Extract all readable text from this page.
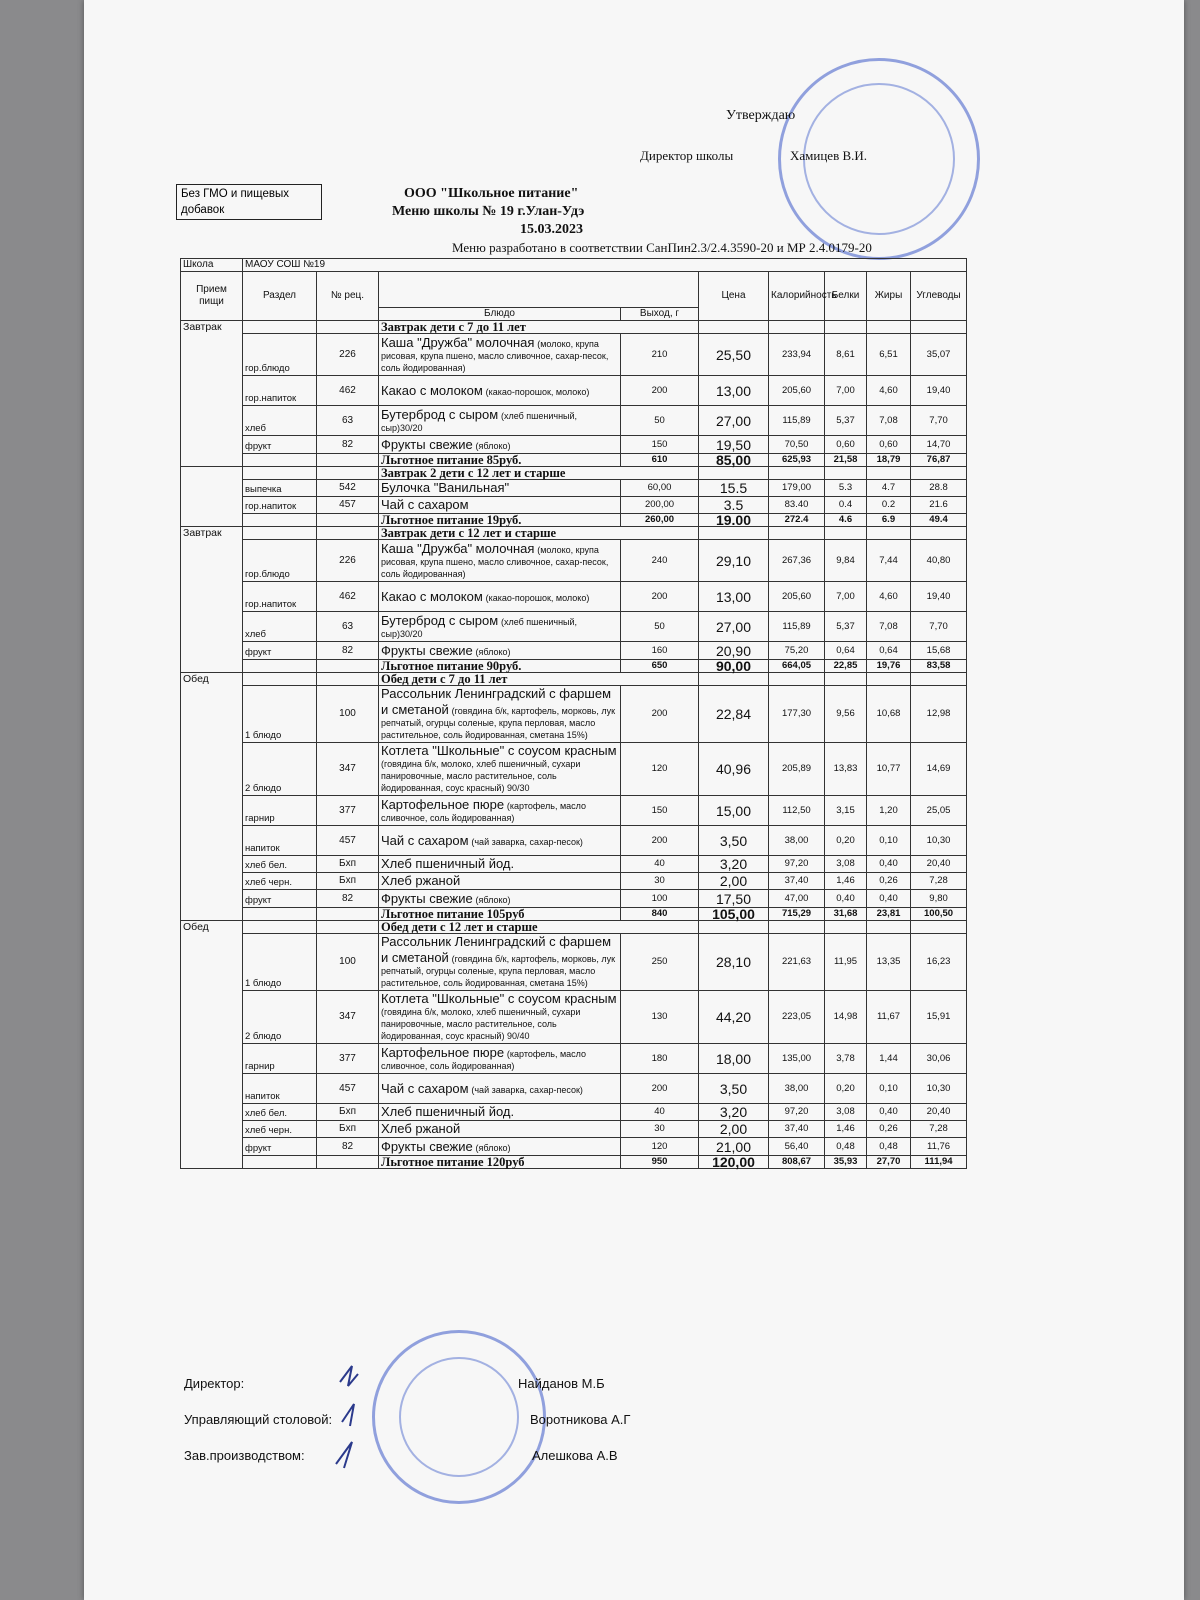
Утверждаю
Директор школы	Хамицев В.И.
Без ГМО и пищевых добавок
ООО "Школьное питание"
Меню школы № 19 г.Улан-Удэ
15.03.2023
Меню разработано в соответствии СанПин2.3/2.4.3590-20 и МР 2.4.0179-20
Школа	МАОУ СОШ №19								
Прием пищи	Раздел	№ рец.			Цена	Калорийность	Белки	Жиры	Углеводы
			Блюдо	Выход, г					
Завтрак			Завтрак дети с 7 до 11 лет						
	гор.блюдо	226	Каша "Дружба" молочная (молоко, крупа рисовая, крупа пшено, масло сливочное, сахар-песок, соль йодированная)	210	25,50	233,94	8,61	6,51	35,07
	гор.напиток	462	Какао с молоком (какао-порошок, молоко)	200	13,00	205,60	7,00	4,60	19,40
	хлеб	63	Бутерброд с сыром (хлеб пшеничный, сыр)30/20	50	27,00	115,89	5,37	7,08	7,70
	фрукт	82	Фрукты свежие (яблоко)	150	19,50	70,50	0,60	0,60	14,70
			Льготное питание 85руб.	610	85,00	625,93	21,58	18,79	76,87
			Завтрак 2 дети с 12 лет и старше						
	выпечка	542	Булочка "Ванильная"	60,00	15.5	179,00	5.3	4.7	28.8
	гор.напиток	457	Чай с сахаром	200,00	3.5	83.40	0.4	0.2	21.6
			Льготное питание 19руб.	260,00	19.00	272.4	4.6	6.9	49.4
Завтрак			Завтрак дети с 12 лет и старше						
	гор.блюдо	226	Каша "Дружба" молочная (молоко, крупа рисовая, крупа пшено, масло сливочное, сахар-песок, соль йодированная)	240	29,10	267,36	9,84	7,44	40,80
	гор.напиток	462	Какао с молоком (какао-порошок, молоко)	200	13,00	205,60	7,00	4,60	19,40
	хлеб	63	Бутерброд с сыром (хлеб пшеничный, сыр)30/20	50	27,00	115,89	5,37	7,08	7,70
	фрукт	82	Фрукты свежие (яблоко)	160	20,90	75,20	0,64	0,64	15,68
			Льготное питание 90руб.	650	90,00	664,05	22,85	19,76	83,58
Обед			Обед дети с 7 до 11 лет						
	1 блюдо	100	Рассольник Ленинградский с фаршем и сметаной (говядина б/к, картофель, морковь, лук репчатый, огурцы соленые, крупа перловая, масло растительное, соль йодированная, сметана 15%)	200	22,84	177,30	9,56	10,68	12,98
	2 блюдо	347	Котлета "Школьные" с соусом красным (говядина б/к, молоко, хлеб пшеничный, сухари панировочные, масло растительное, соль йодированная, соус красный) 90/30	120	40,96	205,89	13,83	10,77	14,69
	гарнир	377	Картофельное пюре (картофель, масло сливочное, соль йодированная)	150	15,00	112,50	3,15	1,20	25,05
	напиток	457	Чай с сахаром (чай заварка, сахар-песок)	200	3,50	38,00	0,20	0,10	10,30
	хлеб бел.	Бхп	Хлеб пшеничный йод.	40	3,20	97,20	3,08	0,40	20,40
	хлеб черн.	Бхп	Хлеб ржаной	30	2,00	37,40	1,46	0,26	7,28
	фрукт	82	Фрукты свежие (яблоко)	100	17,50	47,00	0,40	0,40	9,80
			Льготное питание 105руб	840	105,00	715,29	31,68	23,81	100,50
Обед			Обед дети с 12 лет и старше						
	1 блюдо	100	Рассольник Ленинградский с фаршем и сметаной (говядина б/к, картофель, морковь, лук репчатый, огурцы соленые, крупа перловая, масло растительное, соль йодированная, сметана 15%)	250	28,10	221,63	11,95	13,35	16,23
	2 блюдо	347	Котлета "Школьные" с соусом красным (говядина б/к, молоко, хлеб пшеничный, сухари панировочные, масло растительное, соль йодированная, соус красный) 90/40	130	44,20	223,05	14,98	11,67	15,91
	гарнир	377	Картофельное пюре (картофель, масло сливочное, соль йодированная)	180	18,00	135,00	3,78	1,44	30,06
	напиток	457	Чай с сахаром (чай заварка, сахар-песок)	200	3,50	38,00	0,20	0,10	10,30
	хлеб бел.	Бхп	Хлеб пшеничный йод.	40	3,20	97,20	3,08	0,40	20,40
	хлеб черн.	Бхп	Хлеб ржаной	30	2,00	37,40	1,46	0,26	7,28
	фрукт	82	Фрукты свежие (яблоко)	120	21,00	56,40	0,48	0,48	11,76
			Льготное питание 120руб	950	120,00	808,67	35,93	27,70	111,94
Директор:	Найданов М.Б
Управляющий столовой:	Воротникова А.Г
Зав.производством:	Алешкова А.В
